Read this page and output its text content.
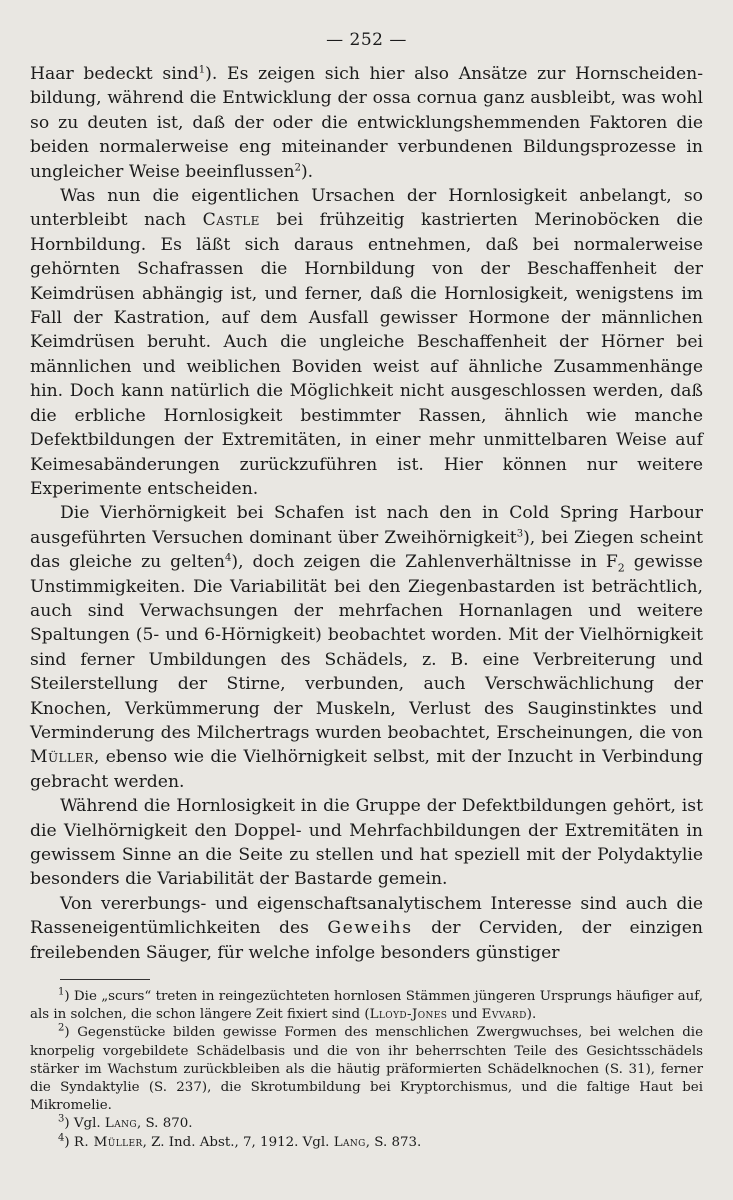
— 252 —

Haar bedeckt sind$^1$). Es zeigen sich hier also Ansätze zur Hornscheidenbildung, während die Entwicklung der ossa cornua ganz ausbleibt, was wohl so zu deuten ist, daß der oder die entwicklungshemmenden Faktoren die beiden normalerweise eng miteinander verbundenen Bildungsprozesse in ungleicher Weise beeinflussen$^2$).

Was nun die eigentlichen Ursachen der Hornlosigkeit anbelangt, so unterbleibt nach Castle bei frühzeitig kastrierten Merinoböcken die Hornbildung. Es läßt sich daraus entnehmen, daß bei normalerweise gehörnten Schafrassen die Hornbildung von der Beschaffenheit der Keimdrüsen abhängig ist, und ferner, daß die Hornlosigkeit, wenigstens im Fall der Kastration, auf dem Ausfall gewisser Hormone der männlichen Keimdrüsen beruht. Auch die ungleiche Beschaffenheit der Hörner bei männlichen und weiblichen Boviden weist auf ähnliche Zusammenhänge hin. Doch kann natürlich die Möglichkeit nicht ausgeschlossen werden, daß die erbliche Hornlosigkeit bestimmter Rassen, ähnlich wie manche Defektbildungen der Extremitäten, in einer mehr unmittelbaren Weise auf Keimesabänderungen zurückzuführen ist. Hier können nur weitere Experimente entscheiden.

Die Vierhörnigkeit bei Schafen ist nach den in Cold Spring Harbour ausgeführten Versuchen dominant über Zweihörnigkeit$^3$), bei Ziegen scheint das gleiche zu gelten$^4$), doch zeigen die Zahlenverhältnisse in $F_2$ gewisse Unstimmigkeiten. Die Variabilität bei den Ziegenbastarden ist beträchtlich, auch sind Verwachsungen der mehrfachen Hornanlagen und weitere Spaltungen (5- und 6-Hörnigkeit) beobachtet worden. Mit der Vielhörnigkeit sind ferner Umbildungen des Schädels, z. B. eine Verbreiterung und Steilerstellung der Stirne, verbunden, auch Verschwächlichung der Knochen, Verkümmerung der Muskeln, Verlust des Sauginstinktes und Verminderung des Milchertrags wurden beobachtet, Erscheinungen, die von Müller, ebenso wie die Vielhörnigkeit selbst, mit der Inzucht in Verbindung gebracht werden.

Während die Hornlosigkeit in die Gruppe der Defektbildungen gehört, ist die Vielhörnigkeit den Doppel- und Mehrfachbildungen der Extremitäten in gewissem Sinne an die Seite zu stellen und hat speziell mit der Polydaktylie besonders die Variabilität der Bastarde gemein.

Von vererbungs- und eigenschaftsanalytischem Interesse sind auch die Rasseneigentümlichkeiten des Geweihs der Cerviden, der einzigen freilebenden Säuger, für welche infolge besonders günstiger

$^1$) Die „scurs“ treten in reingezüchteten hornlosen Stämmen jüngeren Ursprungs häufiger auf, als in solchen, die schon längere Zeit fixiert sind (Lloyd-Jones und Evvard).

$^2$) Gegenstücke bilden gewisse Formen des menschlichen Zwergwuchses, bei welchen die knorpelig vorgebildete Schädelbasis und die von ihr beherrschten Teile des Gesichtsschädels stärker im Wachstum zurückbleiben als die häutig präformierten Schädelknochen (S. 31), ferner die Syndaktylie (S. 237), die Skrotumbildung bei Kryptorchismus, und die faltige Haut bei Mikromelie.

$^3$) Vgl. Lang, S. 870.

$^4$) R. Müller, Z. Ind. Abst., 7, 1912. Vgl. Lang, S. 873.
